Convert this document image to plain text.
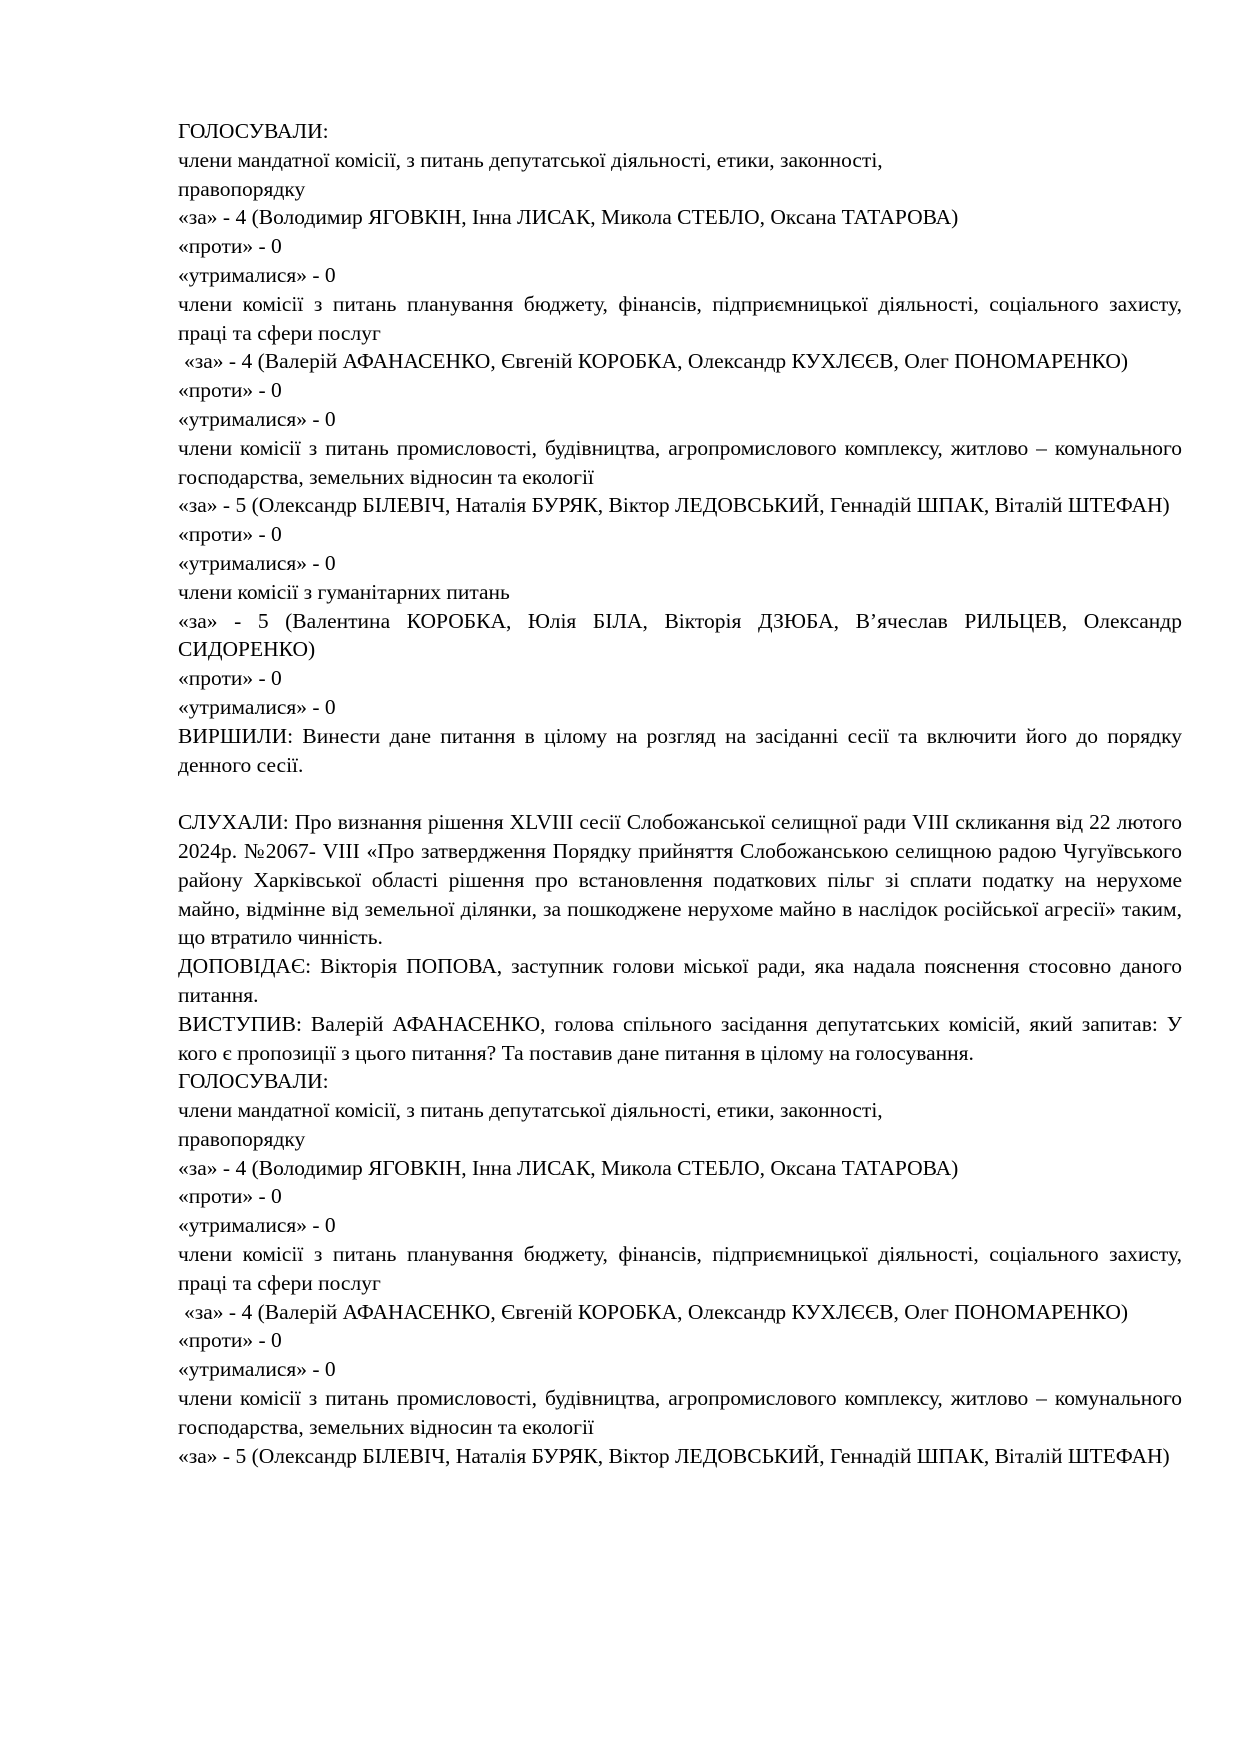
ГОЛОСУВАЛИ:

члени мандатної комісії, з питань депутатської діяльності, етики, законності,

правопорядку

«за» - 4 (Володимир ЯГОВКІН, Інна ЛИСАК, Микола СТЕБЛО, Оксана ТАТАРОВА)

«проти» - 0

«утрималися» - 0

члени комісії з питань планування бюджету, фінансів, підприємницької діяльності, соціального захисту, праці та сфери послуг

«за» - 4 (Валерій АФАНАСЕНКО, Євгеній КОРОБКА, Олександр КУХЛЄЄВ, Олег ПОНОМАРЕНКО)

«проти» - 0

«утрималися» - 0

члени комісії з питань промисловості, будівництва, агропромислового комплексу, житлово – комунального господарства, земельних відносин та екології

«за» - 5 (Олександр БІЛЕВІЧ, Наталія БУРЯК, Віктор ЛЕДОВСЬКИЙ, Геннадій ШПАК, Віталій ШТЕФАН)

«проти» - 0

«утрималися» - 0

члени комісії з гуманітарних питань

«за» - 5 (Валентина КОРОБКА, Юлія БІЛА, Вікторія ДЗЮБА, В’ячеслав РИЛЬЦЕВ, Олександр СИДОРЕНКО)

«проти» - 0

«утрималися» - 0

ВИРШИЛИ: Винести дане питання в цілому на розгляд на засіданні сесії та включити його до порядку денного сесії.

СЛУХАЛИ: Про визнання рішення XLVIII сесії Слобожанської селищної ради VIII скликання від 22 лютого 2024р. №2067- VIII «Про затвердження Порядку прийняття Слобожанською селищною радою Чугуївського району Харківської області рішення про встановлення податкових пільг зі сплати податку на нерухоме майно, відмінне від земельної ділянки, за пошкоджене нерухоме майно в наслідок російської агресії» таким, що втратило чинність.

ДОПОВІДАЄ: Вікторія ПОПОВА, заступник голови міської ради, яка надала пояснення стосовно даного питання.

ВИСТУПИВ: Валерій АФАНАСЕНКО, голова спільного засідання депутатських комісій, який запитав: У кого є пропозиції з цього питання? Та поставив дане питання в цілому на голосування.

ГОЛОСУВАЛИ:

члени мандатної комісії, з питань депутатської діяльності, етики, законності,

правопорядку

«за» - 4 (Володимир ЯГОВКІН, Інна ЛИСАК, Микола СТЕБЛО, Оксана ТАТАРОВА)

«проти» - 0

«утрималися» - 0

члени комісії з питань планування бюджету, фінансів, підприємницької діяльності, соціального захисту, праці та сфери послуг

«за» - 4 (Валерій АФАНАСЕНКО, Євгеній КОРОБКА, Олександр КУХЛЄЄВ, Олег ПОНОМАРЕНКО)

«проти» - 0

«утрималися» - 0

члени комісії з питань промисловості, будівництва, агропромислового комплексу, житлово – комунального господарства, земельних відносин та екології

«за» - 5 (Олександр БІЛЕВІЧ, Наталія БУРЯК, Віктор ЛЕДОВСЬКИЙ, Геннадій ШПАК, Віталій ШТЕФАН)
